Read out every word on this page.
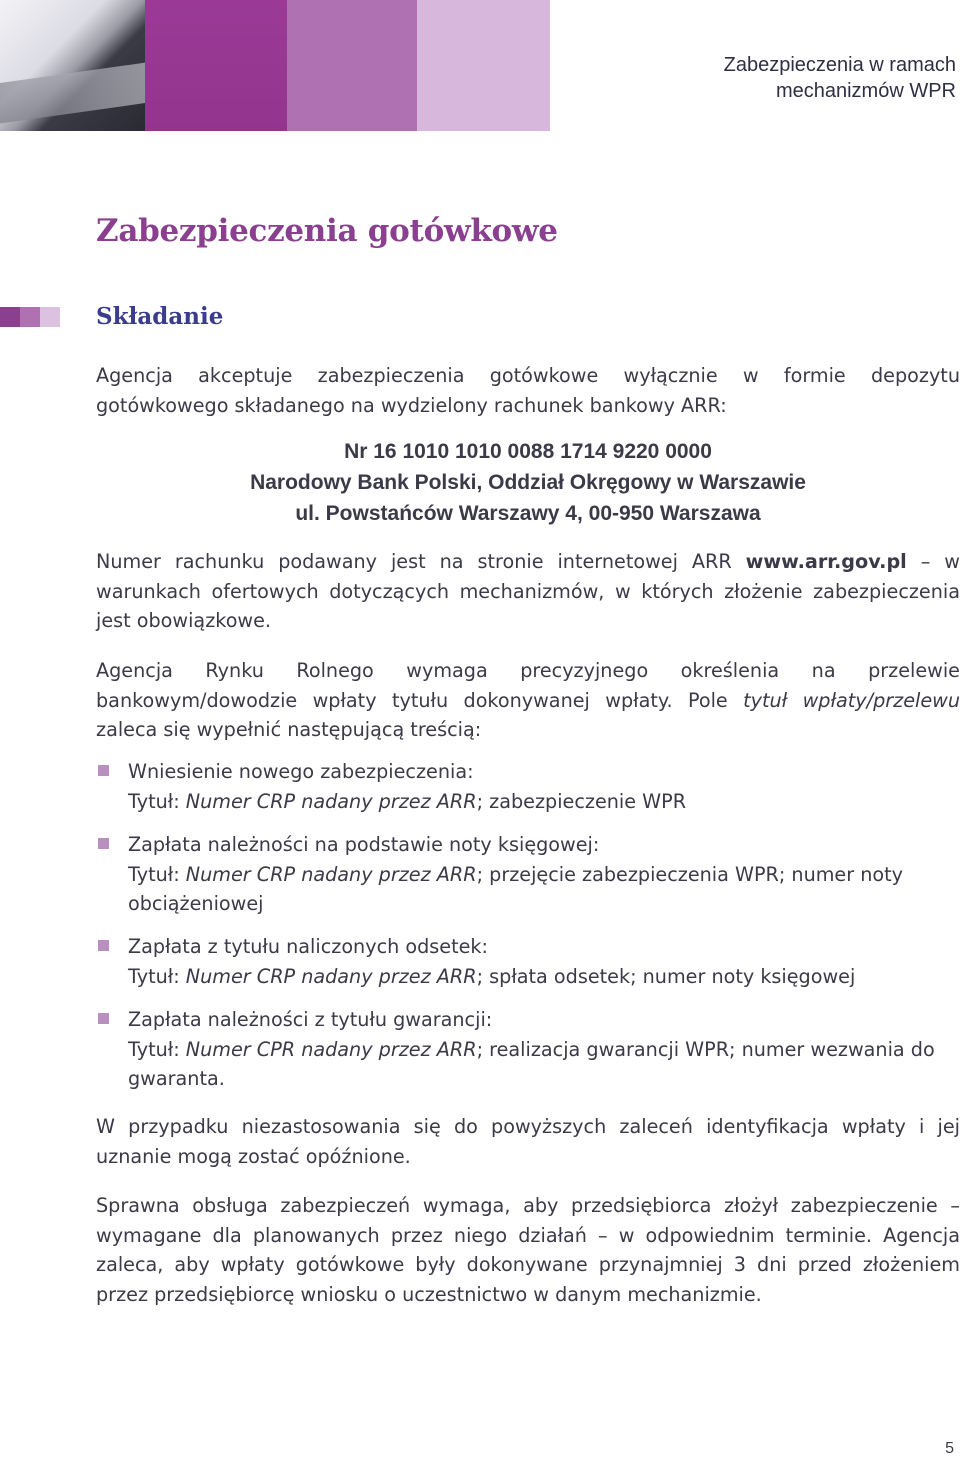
Zabezpieczenia w ramach
mechanizmów WPR
Zabezpieczenia gotówkowe
Składanie

Agencja akceptuje zabezpieczenia gotówkowe wyłącznie w formie depozytu gotówkowego składanego na wydzielony rachunek bankowy ARR:

Nr 16 1010 1010 0088 1714 9220 0000
Narodowy Bank Polski, Oddział Okręgowy w Warszawie
ul. Powstańców Warszawy 4, 00-950 Warszawa

Numer rachunku podawany jest na stronie internetowej ARR www.arr.gov.pl – w warunkach ofertowych dotyczących mechanizmów, w których złożenie zabezpieczenia jest obowiązkowe.

Agencja Rynku Rolnego wymaga precyzyjnego określenia na przelewie bankowym/dowodzie wpłaty tytułu dokonywanej wpłaty. Pole tytuł wpłaty/przelewu zaleca się wypełnić następującą treścią:

Wniesienie nowego zabezpieczenia:
Tytuł: Numer CRP nadany przez ARR; zabezpieczenie WPR
Zapłata należności na podstawie noty księgowej:
Tytuł: Numer CRP nadany przez ARR; przejęcie zabezpieczenia WPR; numer noty obciążeniowej
Zapłata z tytułu naliczonych odsetek:
Tytuł: Numer CRP nadany przez ARR; spłata odsetek; numer noty księgowej
Zapłata należności z tytułu gwarancji:
Tytuł: Numer CPR nadany przez ARR; realizacja gwarancji WPR; numer wezwania do gwaranta.

W przypadku niezastosowania się do powyższych zaleceń identyfikacja wpłaty i jej uznanie mogą zostać opóźnione.

Sprawna obsługa zabezpieczeń wymaga, aby przedsiębiorca złożył zabezpieczenie – wymagane dla planowanych przez niego działań – w odpowiednim terminie. Agencja zaleca, aby wpłaty gotówkowe były dokonywane przynajmniej 3 dni przed złożeniem przez przedsiębiorcę wniosku o uczestnictwo w danym mechanizmie.

5
